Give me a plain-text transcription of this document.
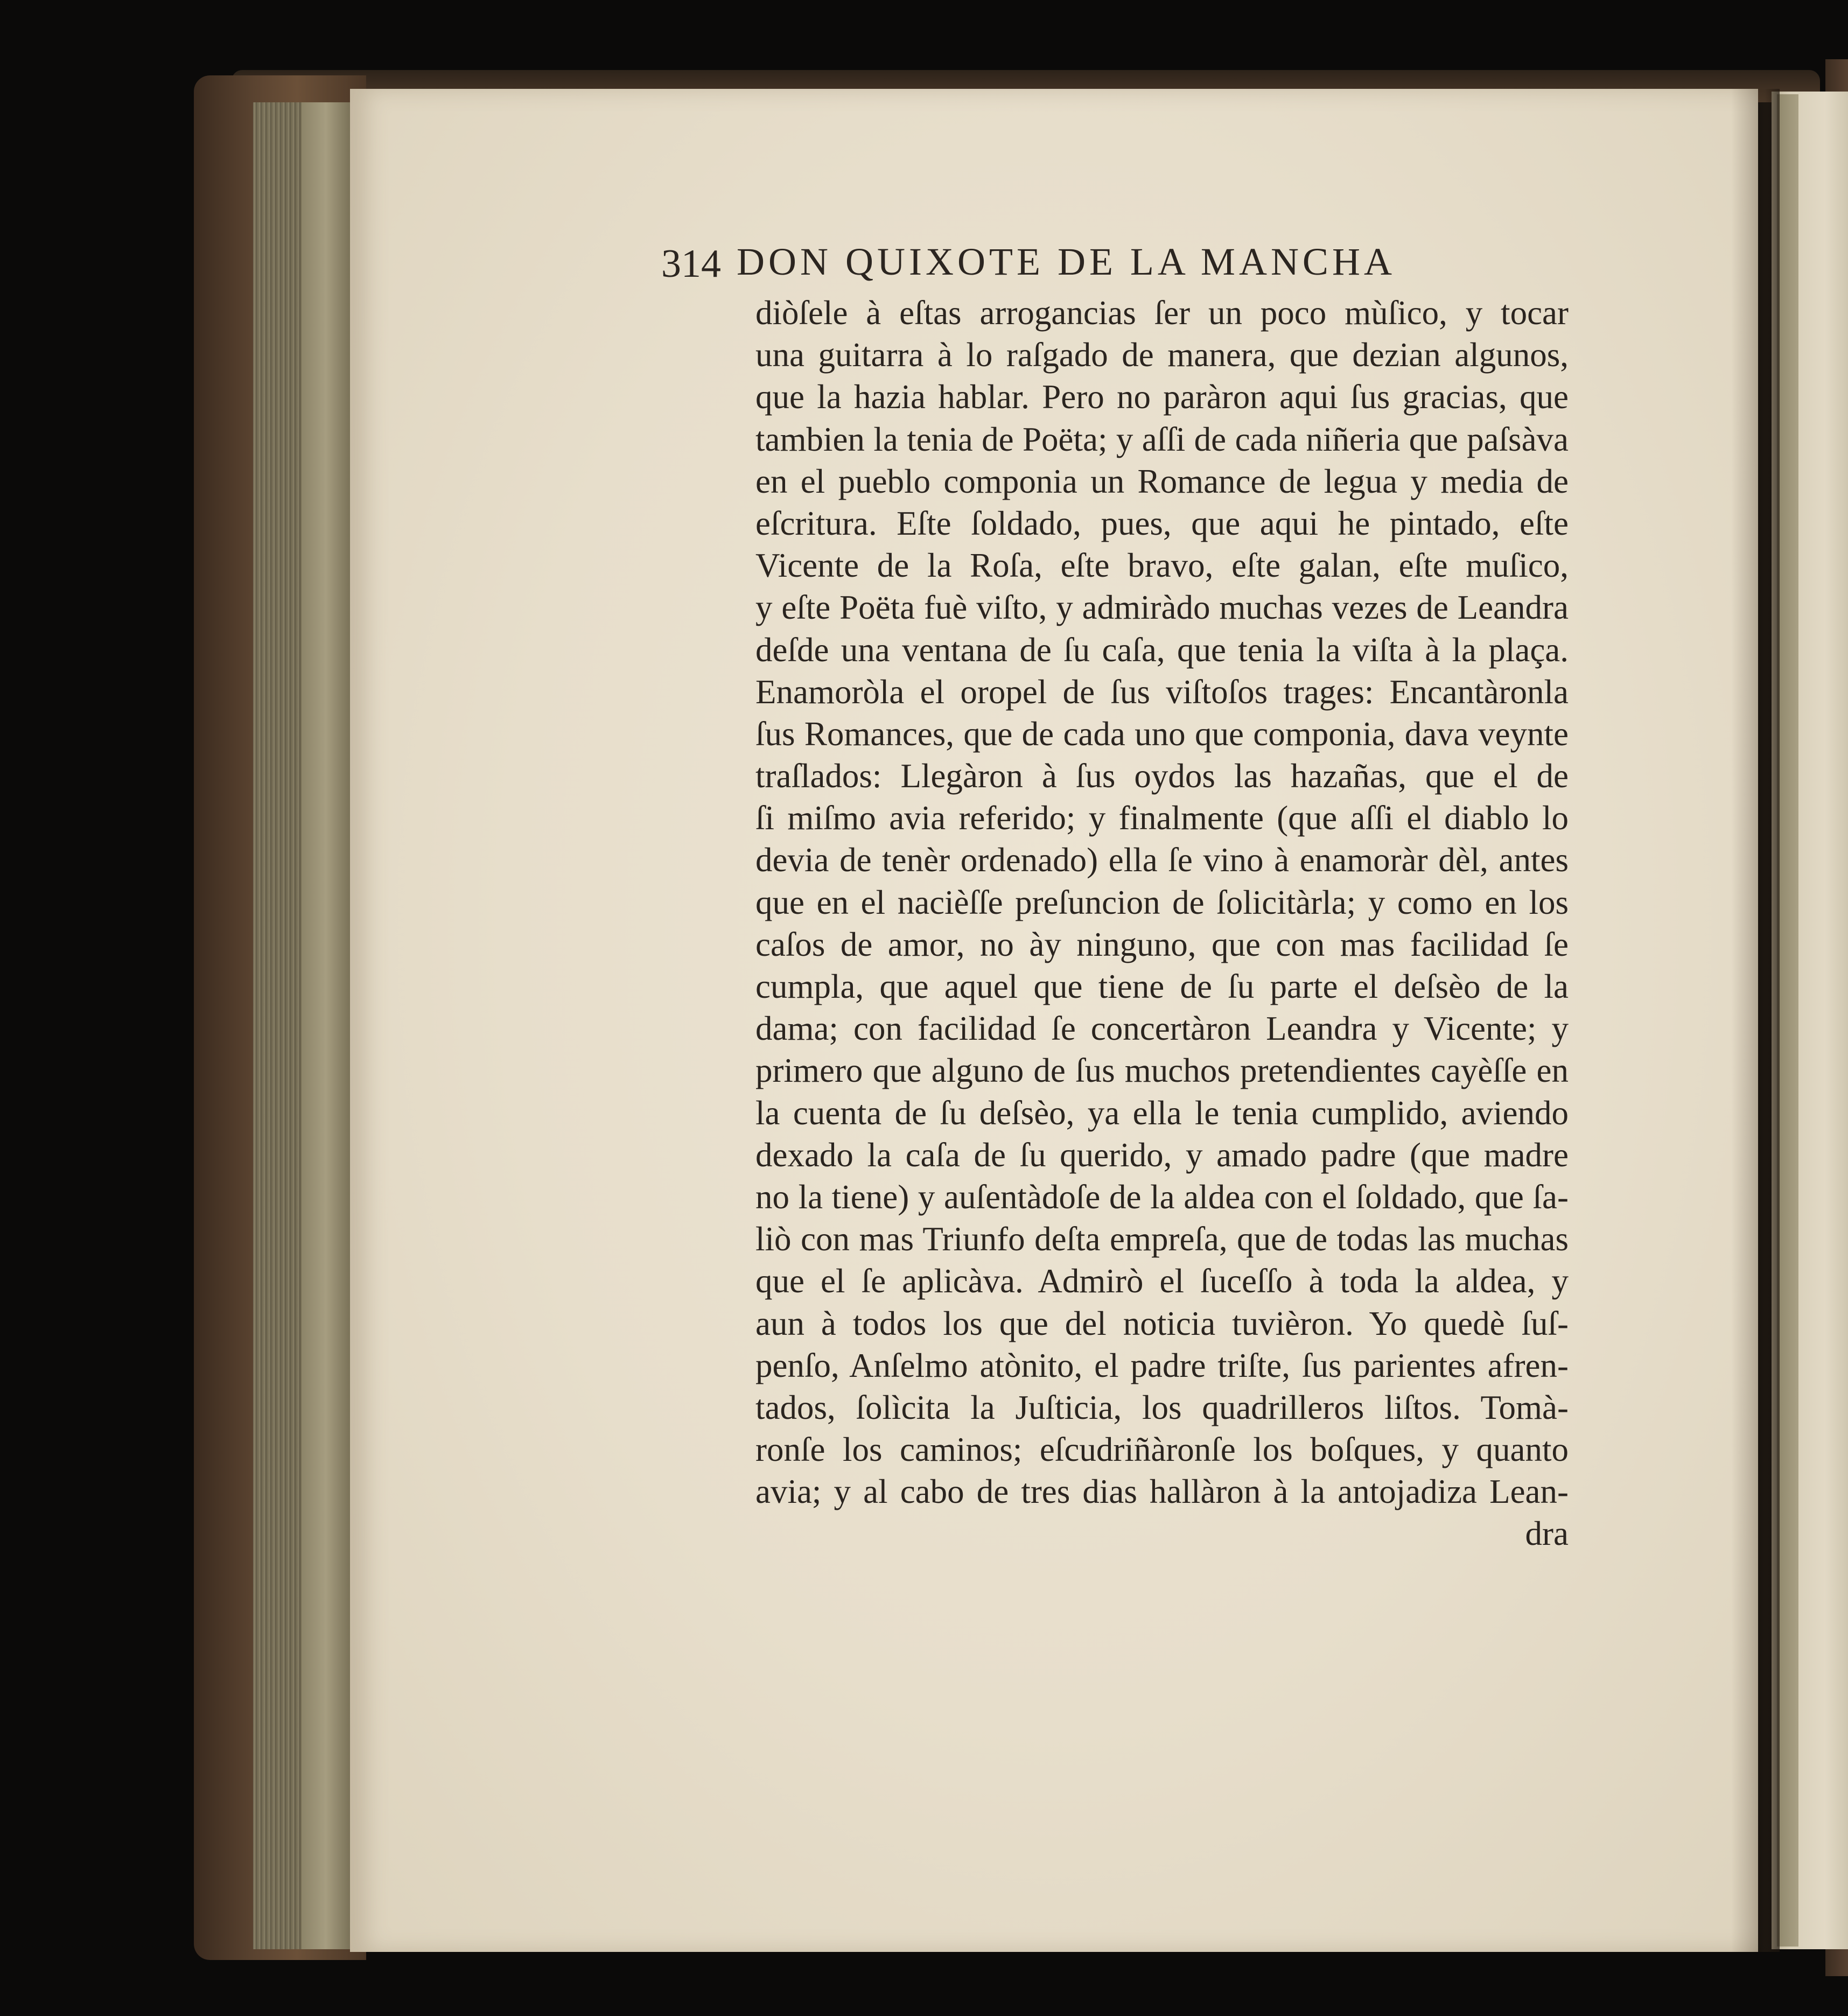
314 DON QUIXOTE DE LA MANCHA
diòſele à eſtas arrogancias ſer un poco mùſico, y tocar
una guitarra à lo raſgado de manera, que dezian algunos,
que la hazia hablar. Pero no paràron aqui ſus gracias, que
tambien la tenia de Poëta; y aſſi de cada niñeria que paſsàva
en el pueblo componia un Romance de legua y media de
eſcritura. Eſte ſoldado, pues, que aqui he pintado, eſte
Vicente de la Roſa, eſte bravo, eſte galan, eſte muſico,
y eſte Poëta fuè viſto, y admiràdo muchas vezes de Leandra
deſde una ventana de ſu caſa, que tenia la viſta à la plaça.
Enamoròla el oropel de ſus viſtoſos trages: Encantàronla
ſus Romances, que de cada uno que componia, dava veynte
traſlados: Llegàron à ſus oydos las hazañas, que el de
ſi miſmo avia referido; y finalmente (que aſſi el diablo lo
devia de tenèr ordenado) ella ſe vino à enamoràr dèl, antes
que en el nacièſſe preſuncion de ſolicitàrla; y como en los
caſos de amor, no ày ninguno, que con mas facilidad ſe
cumpla, que aquel que tiene de ſu parte el deſsèo de la
dama; con facilidad ſe concertàron Leandra y Vicente; y
primero que alguno de ſus muchos pretendientes cayèſſe en
la cuenta de ſu deſsèo, ya ella le tenia cumplido, aviendo
dexado la caſa de ſu querido, y amado padre (que madre
no la tiene) y auſentàdoſe de la aldea con el ſoldado, que ſa-
liò con mas Triunfo deſta empreſa, que de todas las muchas
que el ſe aplicàva. Admirò el ſuceſſo à toda la aldea, y
aun à todos los que del noticia tuvièron. Yo quedè ſuſ-
penſo, Anſelmo atònito, el padre triſte, ſus parientes afren-
tados, ſolìcita la Juſticia, los quadrilleros liſtos. Tomà-
ronſe los caminos; eſcudriñàronſe los boſques, y quanto
avia; y al cabo de tres dias hallàron à la antojadiza Lean-
dra
